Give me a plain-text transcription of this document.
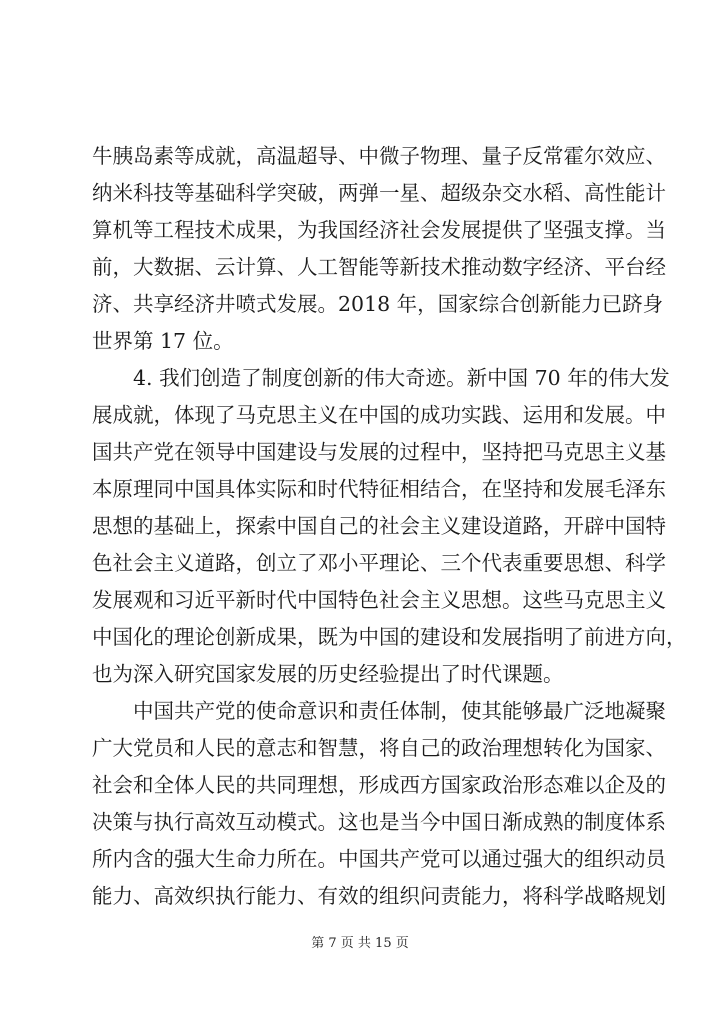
牛胰岛素等成就，高温超导、中微子物理、量子反常霍尔效应、
纳米科技等基础科学突破，两弹一星、超级杂交水稻、高性能计
算机等工程技术成果，为我国经济社会发展提供了坚强支撑。当
前，大数据、云计算、人工智能等新技术推动数字经济、平台经
济、共享经济井喷式发展。2018 年，国家综合创新能力已跻身
世界第 17 位。
4. 我们创造了制度创新的伟大奇迹。新中国 70 年的伟大发
展成就，体现了马克思主义在中国的成功实践、运用和发展。中
国共产党在领导中国建设与发展的过程中，坚持把马克思主义基
本原理同中国具体实际和时代特征相结合，在坚持和发展毛泽东
思想的基础上，探索中国自己的社会主义建设道路，开辟中国特
色社会主义道路，创立了邓小平理论、三个代表重要思想、科学
发展观和习近平新时代中国特色社会主义思想。这些马克思主义
中国化的理论创新成果，既为中国的建设和发展指明了前进方向，
也为深入研究国家发展的历史经验提出了时代课题。
中国共产党的使命意识和责任体制，使其能够最广泛地凝聚
广大党员和人民的意志和智慧，将自己的政治理想转化为国家、
社会和全体人民的共同理想，形成西方国家政治形态难以企及的
决策与执行高效互动模式。这也是当今中国日渐成熟的制度体系
所内含的强大生命力所在。中国共产党可以通过强大的组织动员
能力、高效织执行能力、有效的组织问责能力，将科学战略规划
第 7 页 共 15 页
